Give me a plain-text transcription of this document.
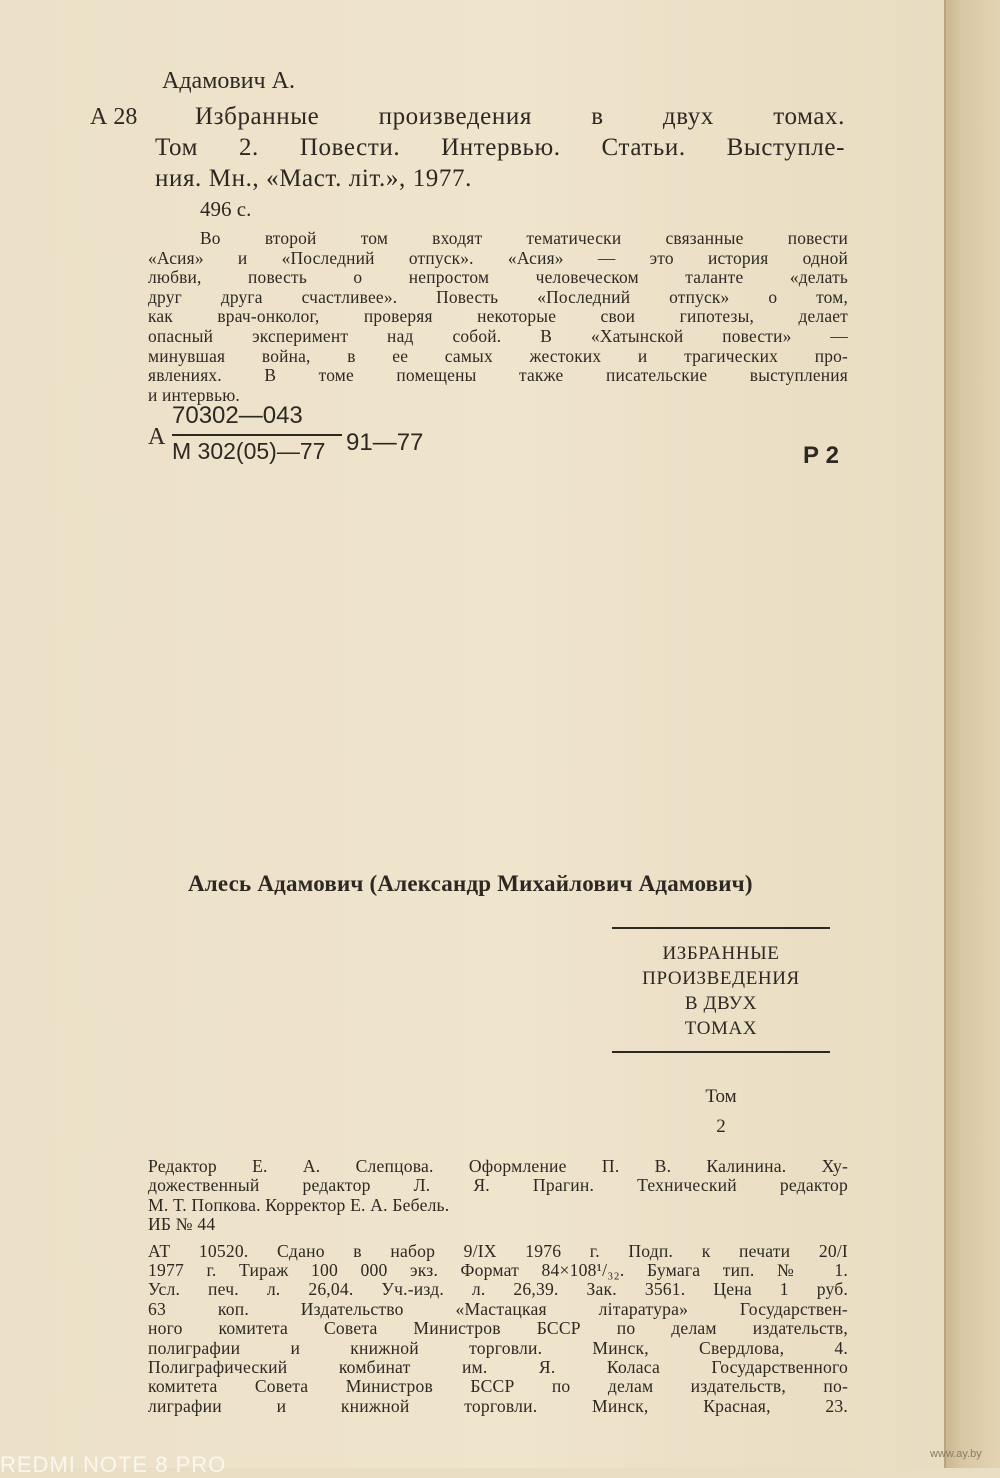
Адамович А.
А 28	Избранные произведения в двух томах.
Том 2. Повести. Интервью. Статьи. Выступле-
ния. Мн., «Маст. літ.», 1977.
496 с.
Во второй том входят тематически связанные повести
«Асия» и «Последний отпуск». «Асия» — это история одной
любви, повесть о непростом человеческом таланте «делать
друг друга счастливее». Повесть «Последний отпуск» о том,
как врач-онколог, проверяя некоторые свои гипотезы, делает
опасный эксперимент над собой. В «Хатынской повести» —
минувшая война, в ее самых жестоких и трагических про-
явлениях. В томе помещены также писательские выступления
и интервью.
А
70302—043
М 302(05)—77 91—77	Р 2
Алесь Адамович (Александр Михайлович Адамович)
ИЗБРАННЫЕ
ПРОИЗВЕДЕНИЯ
В ДВУХ
ТОМАХ
Том
2
Редактор Е. А. Слепцова. Оформление П. В. Калинина. Ху-
дожественный редактор Л. Я. Прагин. Технический редактор
М. Т. Попкова. Корректор Е. А. Бебель.
ИБ № 44
АТ 10520. Сдано в набор 9/IX 1976 г. Подп. к печати 20/I
1977 г. Тираж 100 000 экз. Формат 84×108¹/₃₂. Бумага тип. № 1.
Усл. печ. л. 26,04. Уч.-изд. л. 26,39. Зак. 3561. Цена 1 руб.
63 коп. Издательство «Мастацкая літаратура» Государствен-
ного комитета Совета Министров БССР по делам издательств,
полиграфии и книжной торговли. Минск, Свердлова, 4.
Полиграфический комбинат им. Я. Коласа Государственного
комитета Совета Министров БССР по делам издательств, по-
лиграфии и книжной торговли. Минск, Красная, 23.
REDMI NOTE 8 PRO	www.ay.by
